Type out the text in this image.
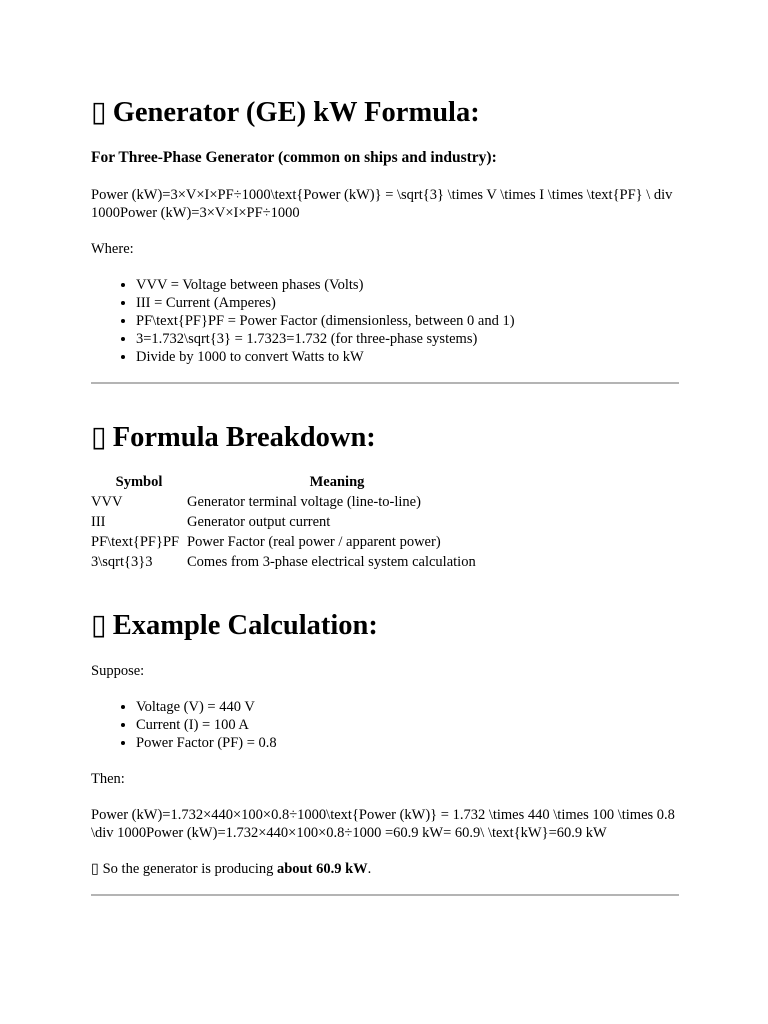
▯ Generator (GE) kW Formula:
For Three-Phase Generator (common on ships and industry):

Power (kW)=3×V×I×PF÷1000\text{Power (kW)} = \sqrt{3} \times V \times I \times \text{PF} \ div 1000Power (kW)=3×V×I×PF÷1000

Where:

• VVV = Voltage between phases (Volts)
• III = Current (Amperes)
• PF\text{PF}PF = Power Factor (dimensionless, between 0 and 1)
• 3=1.732\sqrt{3} = 1.7323=1.732 (for three-phase systems)
• Divide by 1000 to convert Watts to kW
▯ Formula Breakdown:
Symbol	Meaning
VVV	Generator terminal voltage (line-to-line)
III	Generator output current
PF\text{PF}PF	Power Factor (real power / apparent power)
3\sqrt{3}3	Comes from 3-phase electrical system calculation
▯ Example Calculation:

Suppose:

• Voltage (V) = 440 V
• Current (I) = 100 A
• Power Factor (PF) = 0.8

Then:

Power (kW)=1.732×440×100×0.8÷1000\text{Power (kW)} = 1.732 \times 440 \times 100 \times 0.8 \div 1000Power (kW)=1.732×440×100×0.8÷1000 =60.9 kW= 60.9\ \text{kW}=60.9 kW

▯ So the generator is producing about 60.9 kW.
